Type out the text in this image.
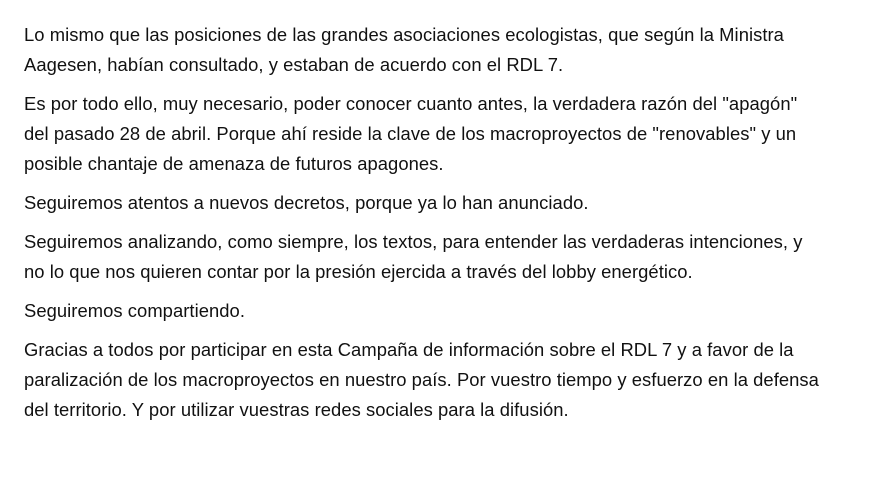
Lo mismo que las posiciones de las grandes asociaciones ecologistas, que según la Ministra
Aagesen, habían consultado, y estaban de acuerdo con el RDL 7.

Es por todo ello, muy necesario, poder conocer cuanto antes, la verdadera razón del "apagón"
del pasado 28 de abril. Porque ahí reside la clave de los macroproyectos de "renovables" y un
posible chantaje de amenaza de futuros apagones.

Seguiremos atentos a nuevos decretos, porque ya lo han anunciado.

Seguiremos analizando, como siempre, los textos, para entender las verdaderas intenciones, y
no lo que nos quieren contar por la presión ejercida a través del lobby energético.

Seguiremos compartiendo.

Gracias a todos por participar en esta Campaña de información sobre el RDL 7 y a favor de la
paralización de los macroproyectos en nuestro país. Por vuestro tiempo y esfuerzo en la defensa
del territorio. Y por utilizar vuestras redes sociales para la difusión.
